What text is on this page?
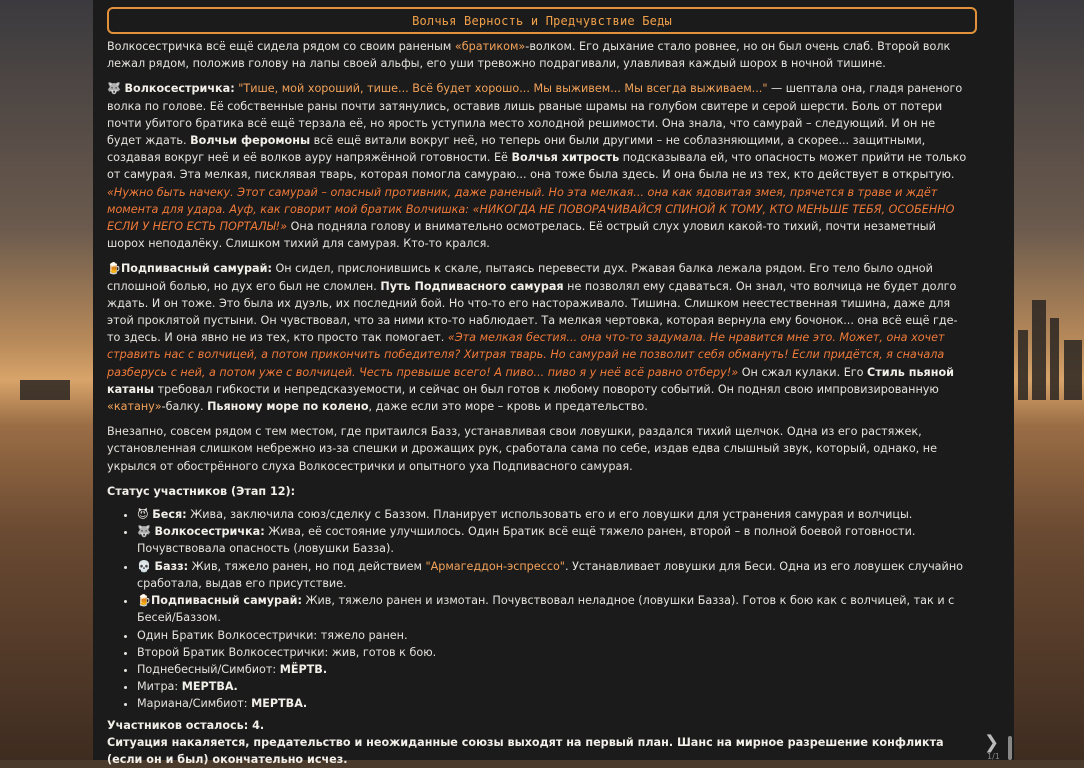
Волчья Верность и Предчувствие Беды

Волкосестричка всё ещё сидела рядом со своим раненым «братиком»-волком. Его дыхание стало ровнее, но он был очень слаб. Второй волк лежал рядом, положив голову на лапы своей альфы, его уши тревожно подрагивали, улавливая каждый шорох в ночной тишине.

🐺 Волкосестричка: "Тише, мой хороший, тише... Всё будет хорошо... Мы выживем... Мы всегда выживаем..." — шептала она, гладя раненого волка по голове. Её собственные раны почти затянулись, оставив лишь рваные шрамы на голубом свитере и серой шерсти. Боль от потери почти убитого братика всё ещё терзала её, но ярость уступила место холодной решимости. Она знала, что самурай – следующий. И он не будет ждать. Волчьи феромоны всё ещё витали вокруг неё, но теперь они были другими – не соблазняющими, а скорее... защитными, создавая вокруг неё и её волков ауру напряжённой готовности. Её Волчья хитрость подсказывала ей, что опасность может прийти не только от самурая. Эта мелкая, писклявая тварь, которая помогла самураю... она тоже была здесь. И она была не из тех, кто действует в открытую. «Нужно быть начеку. Этот самурай – опасный противник, даже раненый. Но эта мелкая... она как ядовитая змея, прячется в траве и ждёт момента для удара. Ауф, как говорит мой братик Волчишка: «НИКОГДА НЕ ПОВОРАЧИВАЙСЯ СПИНОЙ К ТОМУ, КТО МЕНЬШЕ ТЕБЯ, ОСОБЕННО ЕСЛИ У НЕГО ЕСТЬ ПОРТАЛЫ!» Она подняла голову и внимательно осмотрелась. Её острый слух уловил какой-то тихий, почти незаметный шорох неподалёку. Слишком тихий для самурая. Кто-то крался.

🍺Подпивасный самурай: Он сидел, прислонившись к скале, пытаясь перевести дух. Ржавая балка лежала рядом. Его тело было одной сплошной болью, но дух его был не сломлен. Путь Подпивасного самурая не позволял ему сдаваться. Он знал, что волчица не будет долго ждать. И он тоже. Это была их дуэль, их последний бой. Но что-то его настораживало. Тишина. Слишком неестественная тишина, даже для этой проклятой пустыни. Он чувствовал, что за ними кто-то наблюдает. Та мелкая чертовка, которая вернула ему бочонок... она всё ещё где-то здесь. И она явно не из тех, кто просто так помогает. «Эта мелкая бестия... она что-то задумала. Не нравится мне это. Может, она хочет стравить нас с волчицей, а потом прикончить победителя? Хитрая тварь. Но самурай не позволит себя обмануть! Если придётся, я сначала разберусь с ней, а потом уже с волчицей. Честь превыше всего! А пиво... пиво я у неё всё равно отберу!» Он сжал кулаки. Его Стиль пьяной катаны требовал гибкости и непредсказуемости, и сейчас он был готов к любому повороту событий. Он поднял свою импровизированную «катану»-балку. Пьяному море по колено, даже если это море – кровь и предательство.

Внезапно, совсем рядом с тем местом, где притаился Базз, устанавливая свои ловушки, раздался тихий щелчок. Одна из его растяжек, установленная слишком небрежно из-за спешки и дрожащих рук, сработала сама по себе, издав едва слышный звук, который, однако, не укрылся от обострённого слуха Волкосестрички и опытного уха Подпивасного самурая.

Статус участников (Этап 12):
• 😈 Беся: Жива, заключила союз/сделку с Баззом. Планирует использовать его и его ловушки для устранения самурая и волчицы.
• 🐺 Волкосестричка: Жива, её состояние улучшилось. Один Братик всё ещё тяжело ранен, второй – в полной боевой готовности. Почувствовала опасность (ловушки Базза).
• 💀 Базз: Жив, тяжело ранен, но под действием "Армагеддон-эспрессо". Устанавливает ловушки для Беси. Одна из его ловушек случайно сработала, выдав его присутствие.
• 🍺Подпивасный самурай: Жив, тяжело ранен и измотан. Почувствовал неладное (ловушки Базза). Готов к бою как с волчицей, так и с Бесей/Баззом.
• Один Братик Волкосестрички: тяжело ранен.
• Второй Братик Волкосестрички: жив, готов к бою.
• Поднебесный/Симбиот: МЁРТВ.
• Митра: МЕРТВА.
• Мариана/Симбиот: МЕРТВА.
Участников осталось: 4.
Ситуация накаляется, предательство и неожиданные союзы выходят на первый план. Шанс на мирное разрешение конфликта (если он и был) окончательно исчез.
❯
1/1
